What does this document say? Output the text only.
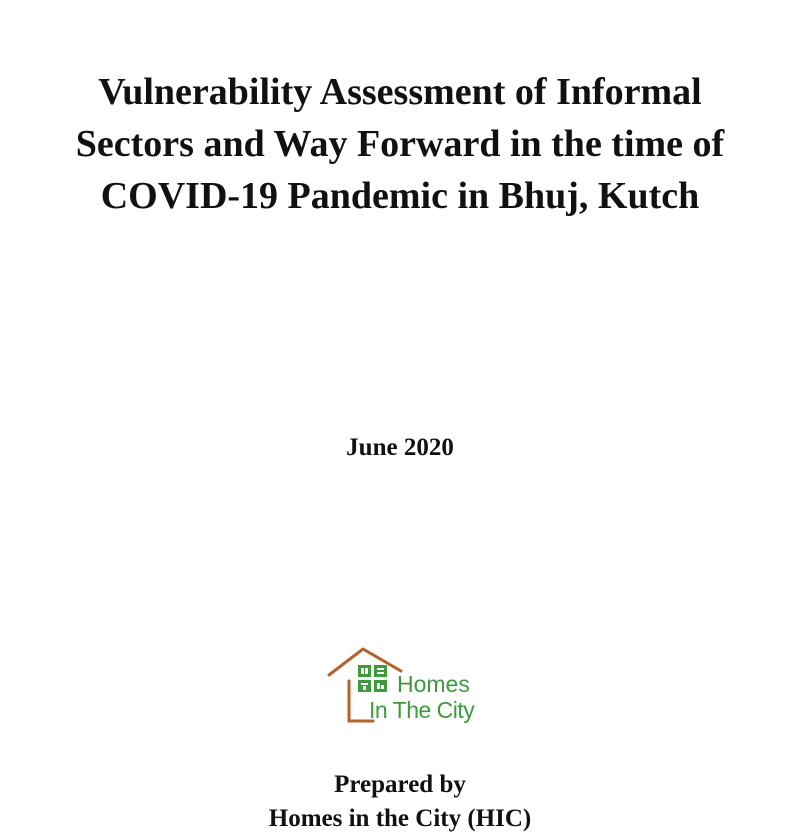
Vulnerability Assessment of Informal
Sectors and Way Forward in the time of
COVID-19 Pandemic in Bhuj, Kutch
June 2020
Homes
In The City
Prepared by
Homes in the City (HIC)
